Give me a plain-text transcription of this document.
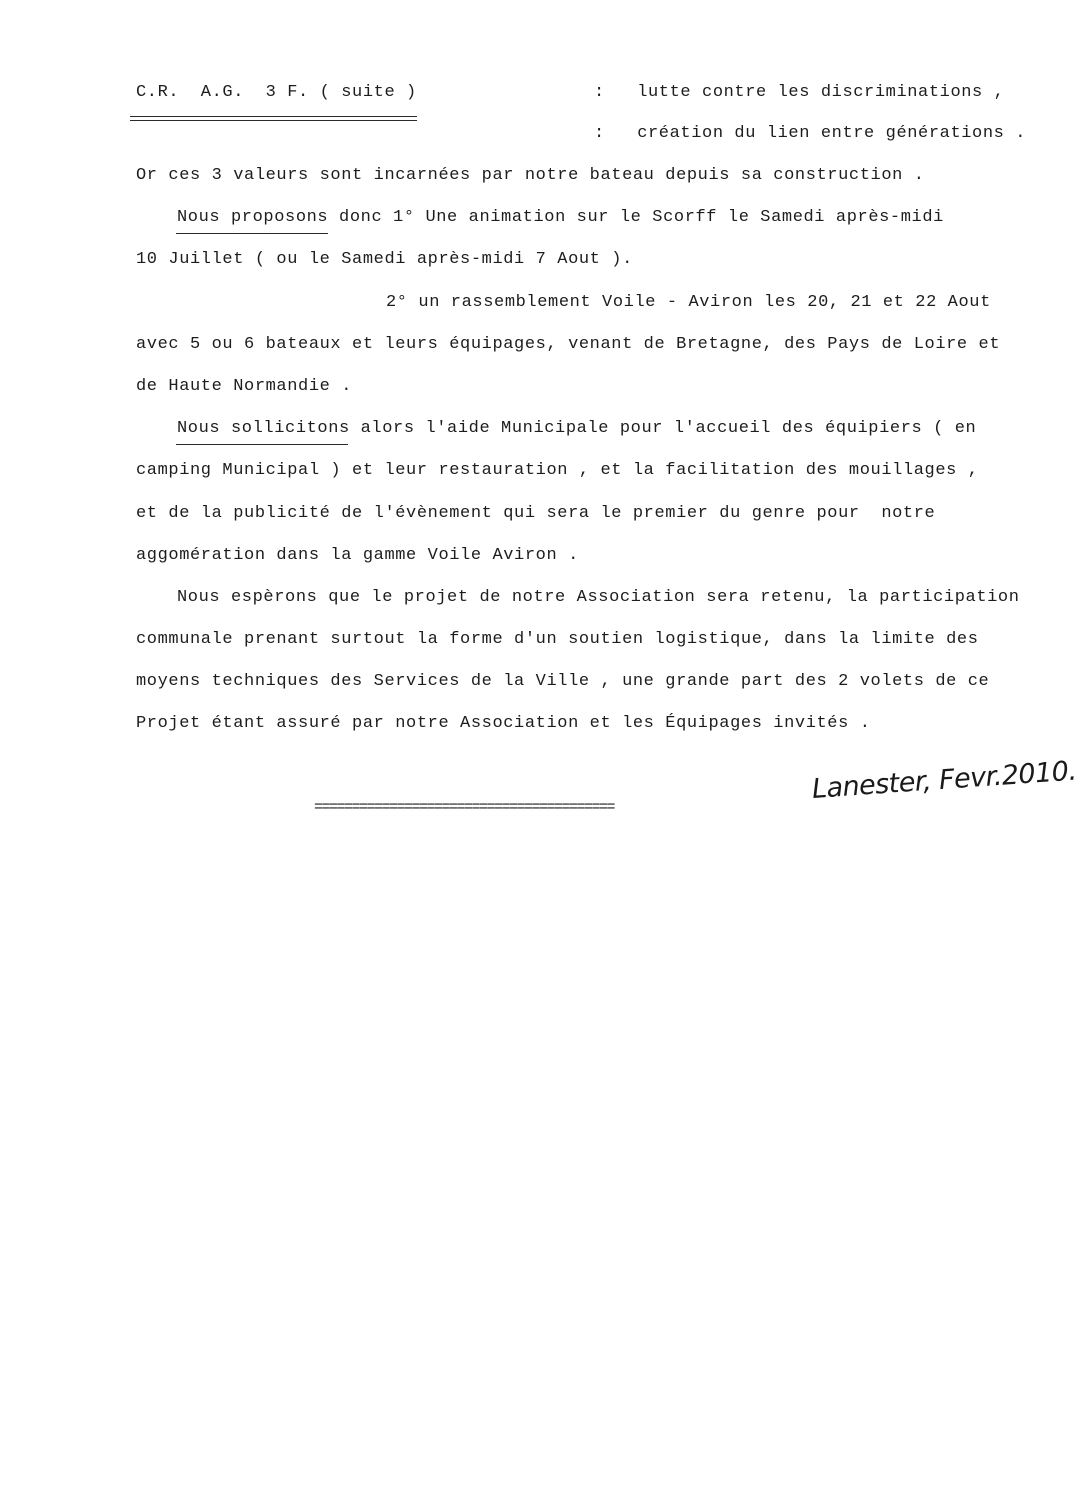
C.R.  A.G.  3 F. ( suite )	:   lutte contre les discriminations ,
:   création du lien entre générations .
Or ces 3 valeurs sont incarnées par notre bateau depuis sa construction .
Nous proposons donc 1° Une animation sur le Scorff le Samedi après-midi
10 Juillet ( ou le Samedi après-midi 7 Aout ).
2° un rassemblement Voile - Aviron les 20, 21 et 22 Aout
avec 5 ou 6 bateaux et leurs équipages, venant de Bretagne, des Pays de Loire et
de Haute Normandie .
Nous sollicitons alors l'aide Municipale pour l'accueil des équipiers ( en
camping Municipal ) et leur restauration , et la facilitation des mouillages ,
et de la publicité de l'évènement qui sera le premier du genre pour  notre
aggomération dans la gamme Voile Aviron .
Nous espèrons que le projet de notre Association sera retenu, la participation
communale prenant surtout la forme d'un soutien logistique, dans la limite des
moyens techniques des Services de la Ville , une grande part des 2 volets de ce
Projet étant assuré par notre Association et les Équipages invités .
========================================
Lanester, Fevr.2010.
